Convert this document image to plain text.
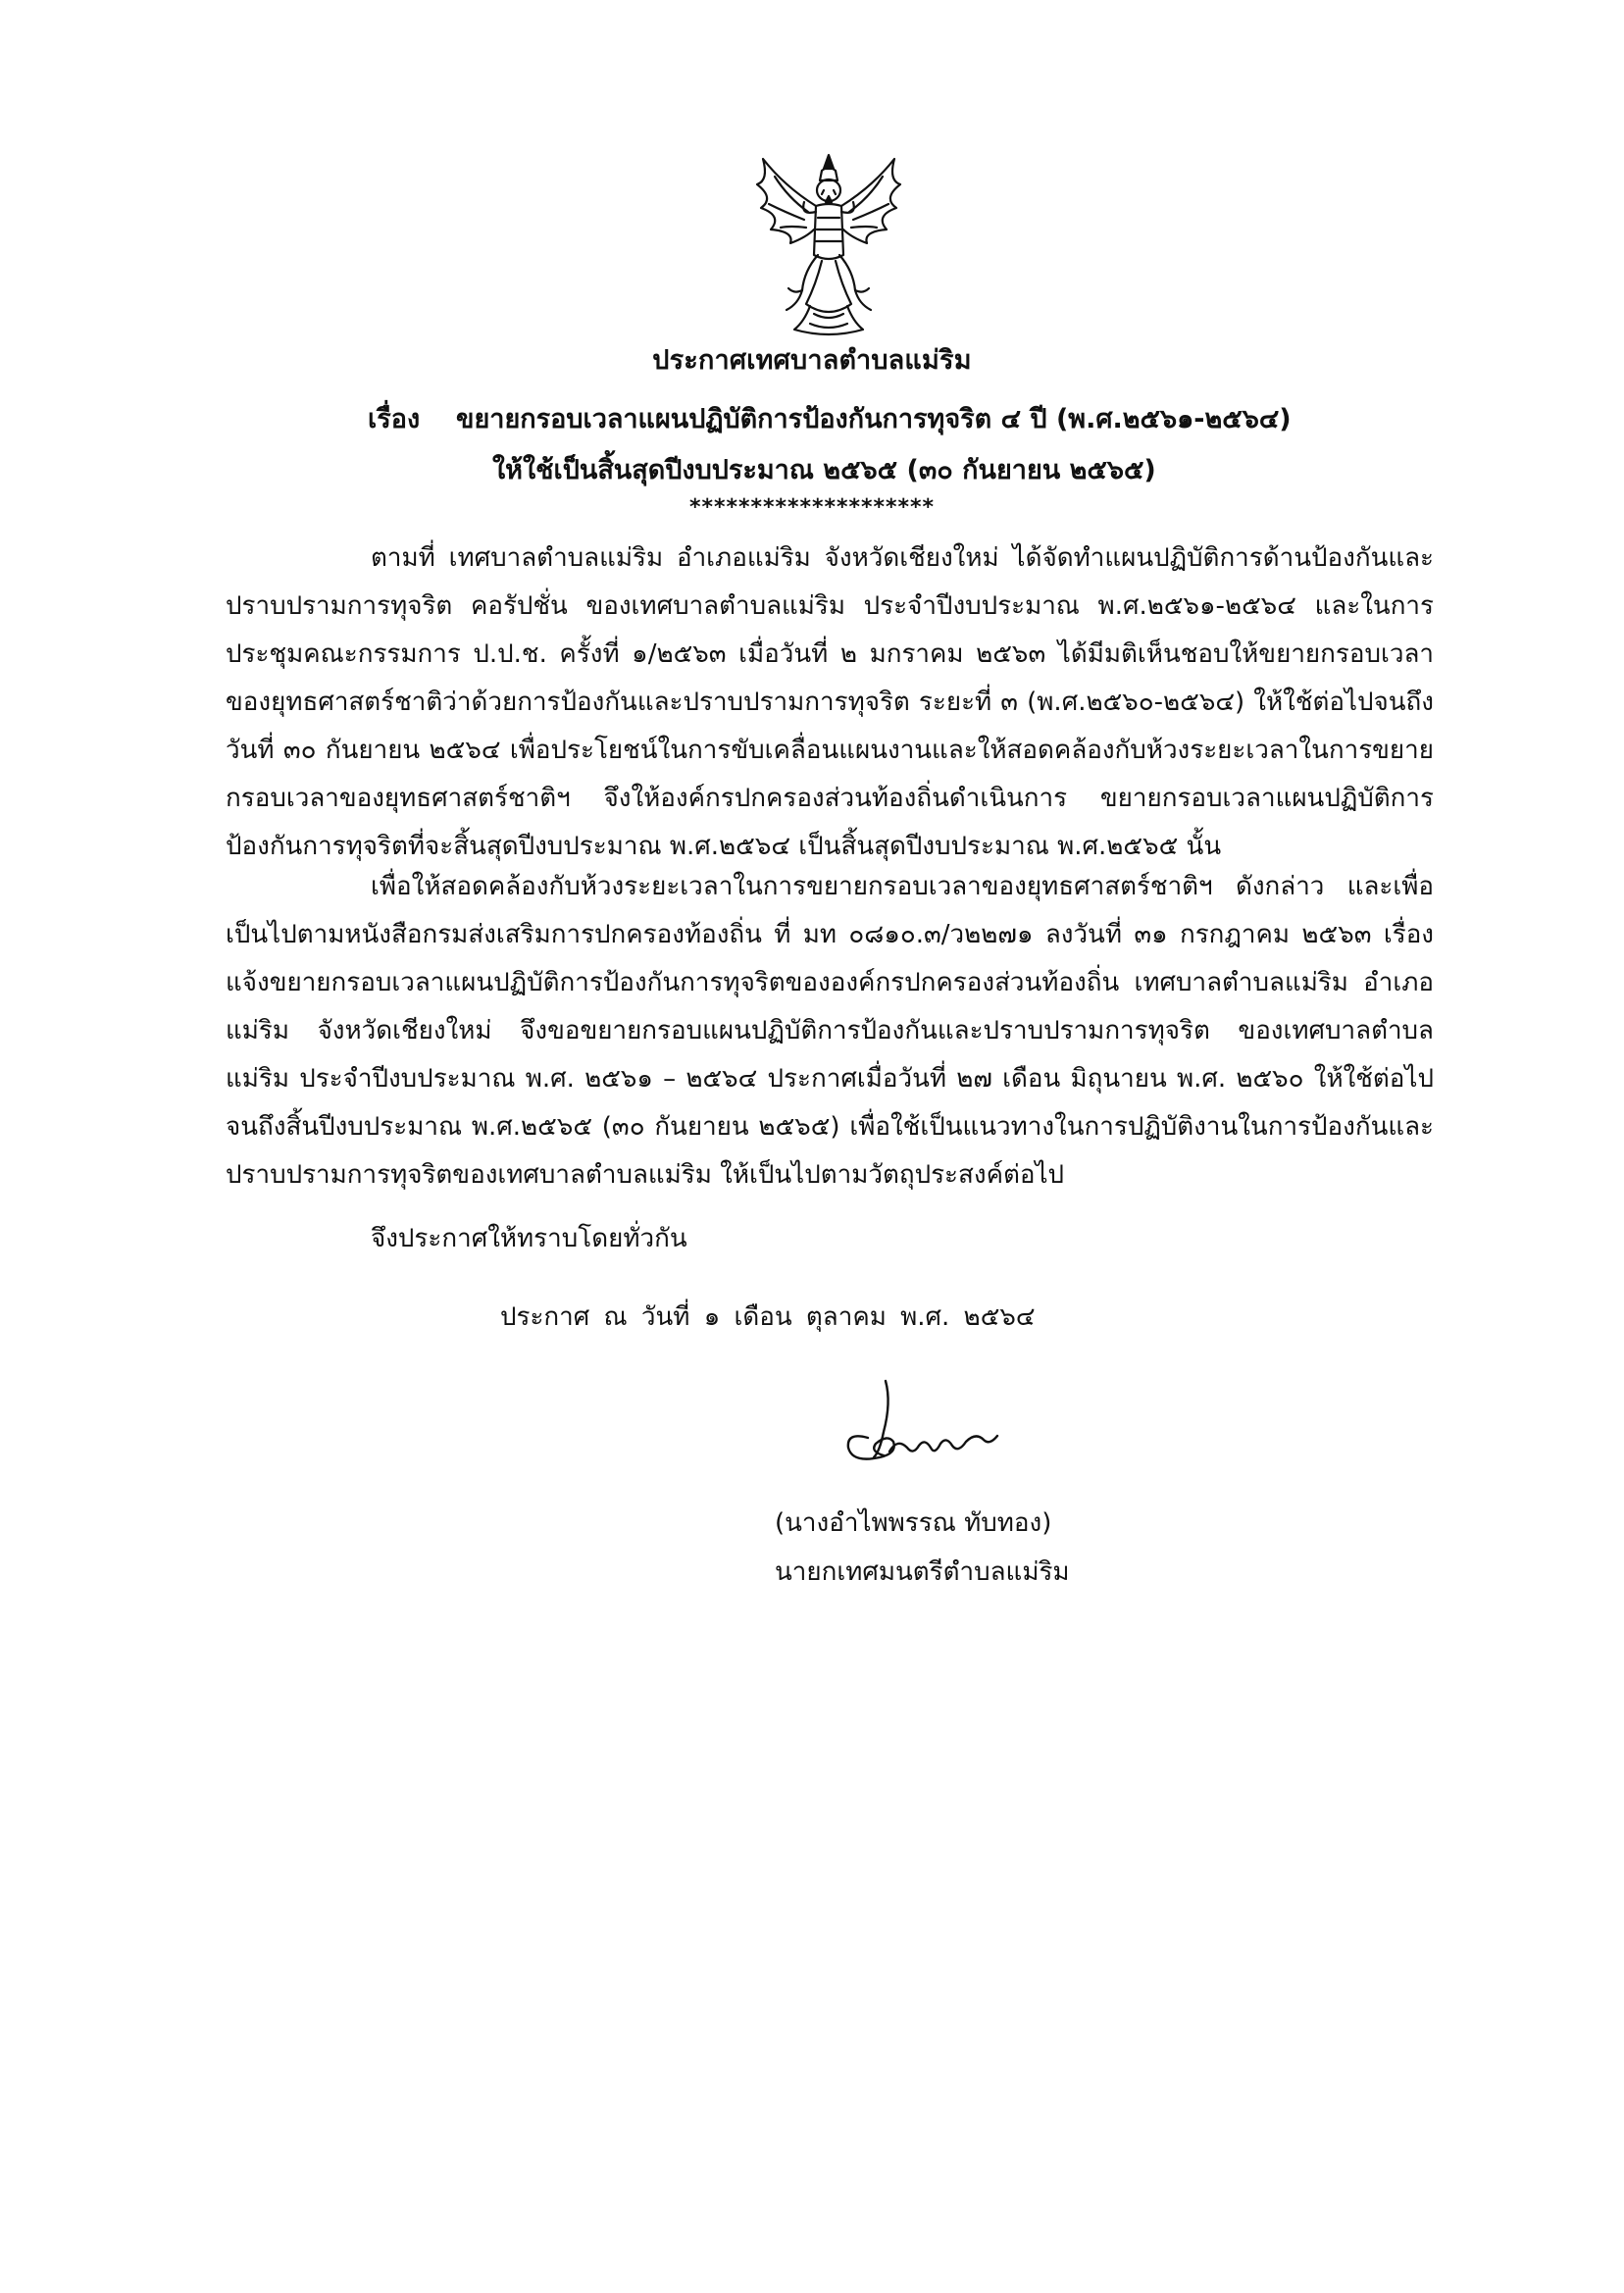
ประกาศเทศบาลตำบลแม่ริม
เรื่อง ขยายกรอบเวลาแผนปฏิบัติการป้องกันการทุจริต ๔ ปี (พ.ศ.๒๕๖๑-๒๕๖๔)
ให้ใช้เป็นสิ้นสุดปีงบประมาณ ๒๕๖๕ (๓๐ กันยายน ๒๕๖๕)
********************

ตามที่ เทศบาลตำบลแม่ริม อำเภอแม่ริม จังหวัดเชียงใหม่ ได้จัดทำแผนปฏิบัติการด้านป้องกันและปราบปรามการทุจริต คอรัปชั่น ของเทศบาลตำบลแม่ริม ประจำปีงบประมาณ พ.ศ.๒๕๖๑-๒๕๖๔ และในการประชุมคณะกรรมการ ป.ป.ช. ครั้งที่ ๑/๒๕๖๓ เมื่อวันที่ ๒ มกราคม ๒๕๖๓ ได้มีมติเห็นชอบให้ขยายกรอบเวลาของยุทธศาสตร์ชาติว่าด้วยการป้องกันและปราบปรามการทุจริต ระยะที่ ๓ (พ.ศ.๒๕๖๐-๒๕๖๔) ให้ใช้ต่อไปจนถึงวันที่ ๓๐ กันยายน ๒๕๖๔ เพื่อประโยชน์ในการขับเคลื่อนแผนงานและให้สอดคล้องกับห้วงระยะเวลาในการขยายกรอบเวลาของยุทธศาสตร์ชาติฯ จึงให้องค์กรปกครองส่วนท้องถิ่นดำเนินการ ขยายกรอบเวลาแผนปฏิบัติการป้องกันการทุจริตที่จะสิ้นสุดปีงบประมาณ พ.ศ.๒๕๖๔ เป็นสิ้นสุดปีงบประมาณ พ.ศ.๒๕๖๕ นั้น

เพื่อให้สอดคล้องกับห้วงระยะเวลาในการขยายกรอบเวลาของยุทธศาสตร์ชาติฯ ดังกล่าว และเพื่อเป็นไปตามหนังสือกรมส่งเสริมการปกครองท้องถิ่น ที่ มท ๐๘๑๐.๓/ว๒๒๗๑ ลงวันที่ ๓๑ กรกฎาคม ๒๕๖๓ เรื่อง แจ้งขยายกรอบเวลาแผนปฏิบัติการป้องกันการทุจริตขององค์กรปกครองส่วนท้องถิ่น เทศบาลตำบลแม่ริม อำเภอแม่ริม จังหวัดเชียงใหม่ จึงขอขยายกรอบแผนปฏิบัติการป้องกันและปราบปรามการทุจริต ของเทศบาลตำบลแม่ริม ประจำปีงบประมาณ พ.ศ. ๒๕๖๑ – ๒๕๖๔ ประกาศเมื่อวันที่ ๒๗ เดือน มิถุนายน พ.ศ. ๒๕๖๐ ให้ใช้ต่อไปจนถึงสิ้นปีงบประมาณ พ.ศ.๒๕๖๕ (๓๐ กันยายน ๒๕๖๕) เพื่อใช้เป็นแนวทางในการปฏิบัติงานในการป้องกันและปราบปรามการทุจริตของเทศบาลตำบลแม่ริม ให้เป็นไปตามวัตถุประสงค์ต่อไป

จึงประกาศให้ทราบโดยทั่วกัน
ประกาศ ณ วันที่ ๑ เดือน ตุลาคม พ.ศ. ๒๕๖๔
(นางอำไพพรรณ ทับทอง)
นายกเทศมนตรีตำบลแม่ริม
